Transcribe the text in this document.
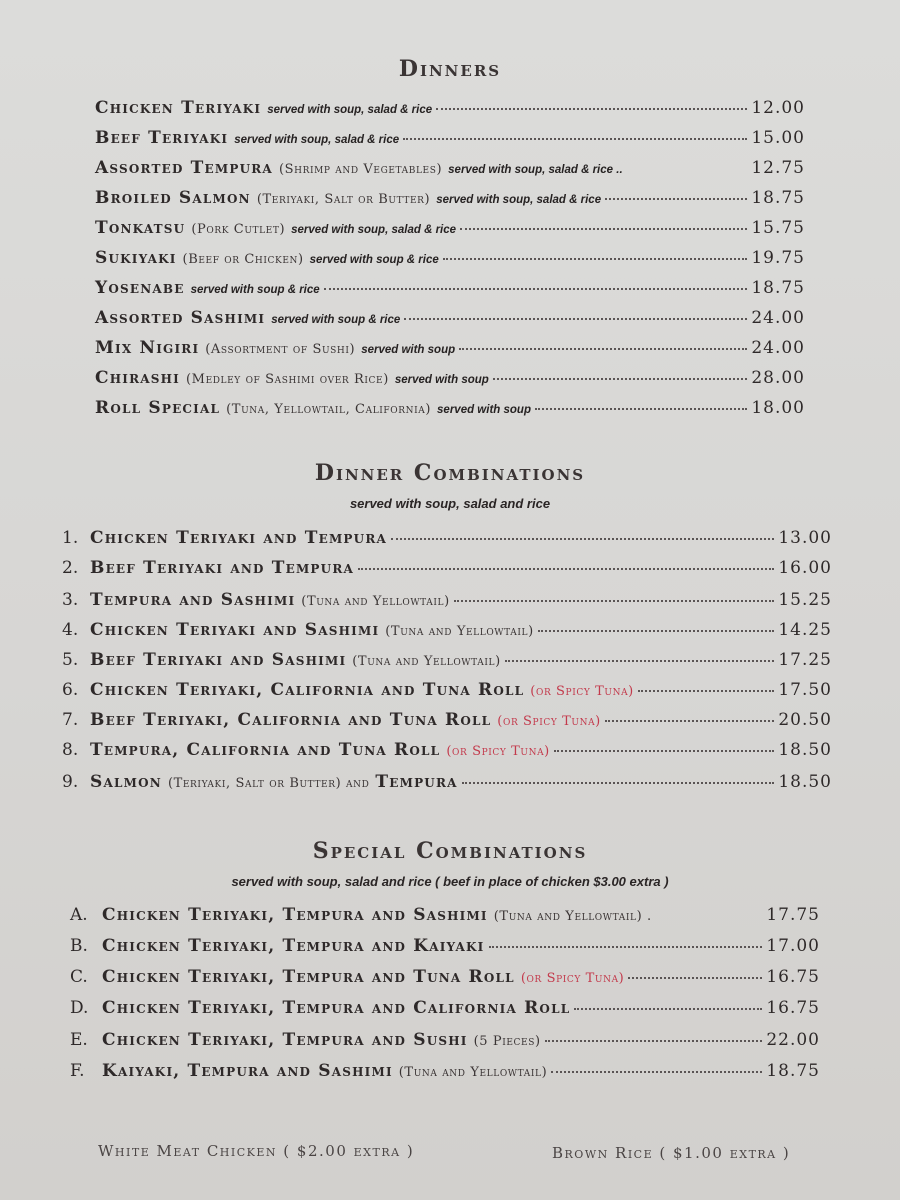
Dinners
Chicken Teriyaki served with soup, salad & rice	12.00
Beef Teriyaki served with soup, salad & rice	15.00
Assorted Tempura (Shrimp and Vegetables) served with soup, salad & rice ..	12.75
Broiled Salmon (Teriyaki, Salt or Butter) served with soup, salad & rice	18.75
Tonkatsu (Pork Cutlet) served with soup, salad & rice	15.75
Sukiyaki (Beef or Chicken) served with soup & rice	19.75
Yosenabe served with soup & rice	18.75
Assorted Sashimi served with soup & rice	24.00
Mix Nigiri (Assortment of Sushi) served with soup	24.00
Chirashi (Medley of Sashimi over Rice) served with soup	28.00
Roll Special (Tuna, Yellowtail, California) served with soup	18.00
Dinner Combinations
served with soup, salad and rice
1. Chicken Teriyaki and Tempura	13.00
2. Beef Teriyaki and Tempura	16.00
3. Tempura and Sashimi (Tuna and Yellowtail)	15.25
4. Chicken Teriyaki and Sashimi (Tuna and Yellowtail)	14.25
5. Beef Teriyaki and Sashimi (Tuna and Yellowtail)	17.25
6. Chicken Teriyaki, California and Tuna Roll (or Spicy Tuna)	17.50
7. Beef Teriyaki, California and Tuna Roll (or Spicy Tuna)	20.50
8. Tempura, California and Tuna Roll (or Spicy Tuna)	18.50
9. Salmon (Teriyaki, Salt or Butter) and Tempura	18.50
Special Combinations
served with soup, salad and rice ( beef in place of chicken $3.00 extra )
A. Chicken Teriyaki, Tempura and Sashimi (Tuna and Yellowtail) .	17.75
B. Chicken Teriyaki, Tempura and Kaiyaki	17.00
C. Chicken Teriyaki, Tempura and Tuna Roll (or Spicy Tuna)	16.75
D. Chicken Teriyaki, Tempura and California Roll	16.75
E. Chicken Teriyaki, Tempura and Sushi (5 Pieces)	22.00
F.	Kaiyaki, Tempura and Sashimi (Tuna and Yellowtail)	18.75
White Meat Chicken ( $2.00 extra )	Brown Rice ( $1.00 extra )
